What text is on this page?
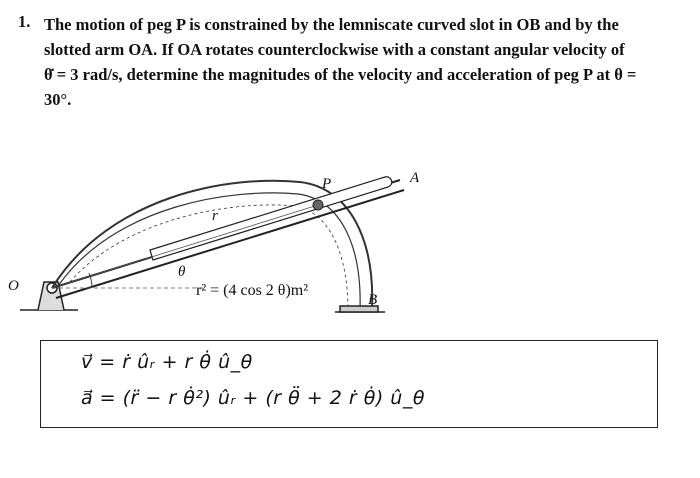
1. The motion of peg P is constrained by the lemniscate curved slot in OB and by the
slotted arm OA. If OA rotates counterclockwise with a constant angular velocity of
θ̇ = 3 rad/s, determine the magnitudes of the velocity and acceleration of peg P at θ =
30°.
O
A
B
P
r
θ
r² = (4 cos 2 θ)m²
v⃗ = ṙ ûᵣ + r θ̇ û_θ
a⃗ = (r̈ − r θ̇²) ûᵣ + (r θ̈ + 2 ṙ θ̇) û_θ
